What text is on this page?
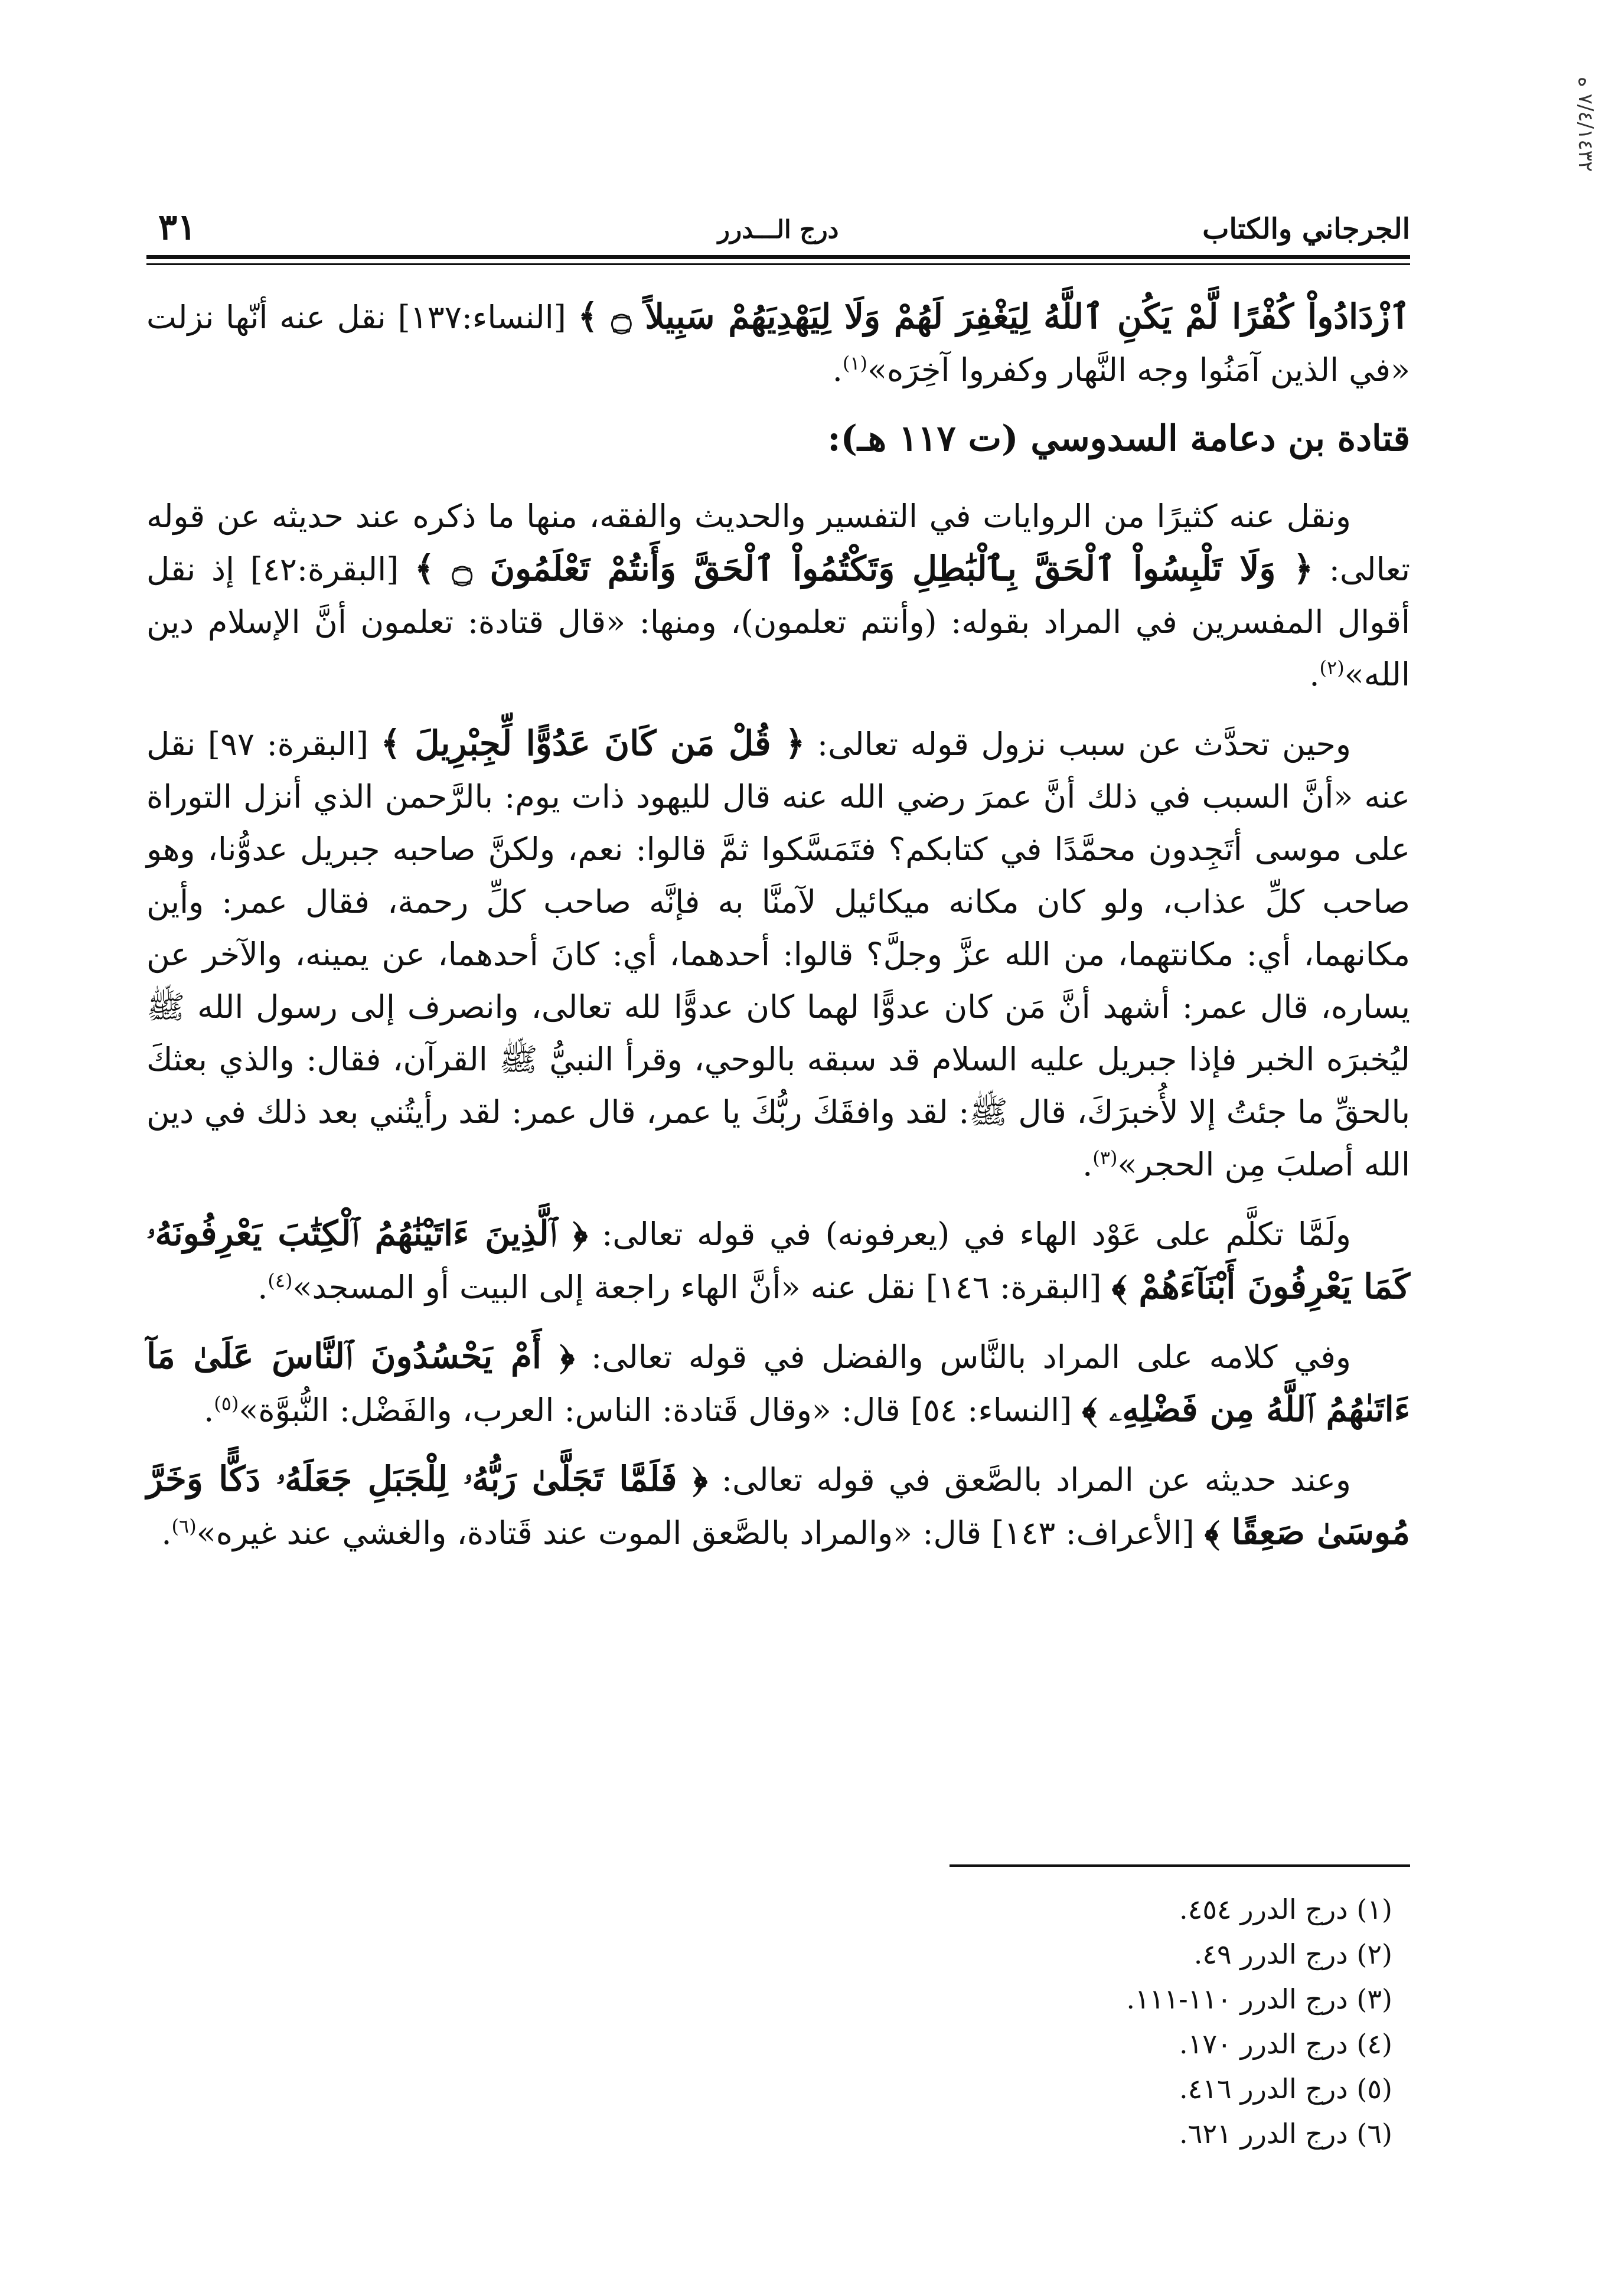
٧/٤/١٤٣٢ ه
الجرجاني والكتاب
درج الـــدرر
٣١

ٱزْدَادُواْ كُفْرًا لَّمْ يَكُنِ ٱللَّهُ لِيَغْفِرَ لَهُمْ وَلَا لِيَهْدِيَهُمْ سَبِيلاً ۝ ﴾ [النساء:١٣٧] نقل عنه أنّها نزلت «في الذين آمَنُوا وجه النَّهار وكفروا آخِرَه»$^{(١)}$.

قتادة بن دعامة السدوسي (ت ١١٧ هـ):

ونقل عنه كثيرًا من الروايات في التفسير والحديث والفقه، منها ما ذكره عند حديثه عن قوله تعالى: ﴿ وَلَا تَلْبِسُواْ ٱلْحَقَّ بِٱلْبَٰطِلِ وَتَكْتُمُواْ ٱلْحَقَّ وَأَنتُمْ تَعْلَمُونَ ۝ ﴾ [البقرة:٤٢] إذ نقل أقوال المفسرين في المراد بقوله: (وأنتم تعلمون)، ومنها: «قال قتادة: تعلمون أنَّ الإسلام دين الله»$^{(٢)}$.

وحين تحدَّث عن سبب نزول قوله تعالى: ﴿ قُلْ مَن كَانَ عَدُوًّا لِّجِبْرِيلَ ﴾ [البقرة: ٩٧] نقل عنه «أنَّ السبب في ذلك أنَّ عمرَ رضي الله عنه قال لليهود ذات يوم: بالرَّحمن الذي أنزل التوراة على موسى أتَجِدون محمَّدًا في كتابكم؟ فتَمَسَّكوا ثمَّ قالوا: نعم، ولكنَّ صاحبه جبريل عدوُّنا، وهو صاحب كلِّ عذاب، ولو كان مكانه ميكائيل لآمنَّا به فإنَّه صاحب كلِّ رحمة، فقال عمر: وأين مكانهما، أي: مكانتهما، من الله عزَّ وجلَّ؟ قالوا: أحدهما، أي: كانَ أحدهما، عن يمينه، والآخر عن يساره، قال عمر: أشهد أنَّ مَن كان عدوًّا لهما كان عدوًّا لله تعالى، وانصرف إلى رسول الله ﷺ ليُخبرَه الخبر فإذا جبريل عليه السلام قد سبقه بالوحي، وقرأ النبيُّ ﷺ القرآن، فقال: والذي بعثكَ بالحقِّ ما جئتُ إلا لأُخبرَكَ، قال ﷺ: لقد وافقَكَ ربُّكَ يا عمر، قال عمر: لقد رأيتُني بعد ذلك في دين الله أصلبَ مِن الحجر»$^{(٣)}$.

ولَمَّا تكلَّم على عَوْد الهاء في (يعرفونه) في قوله تعالى: ﴿ ٱلَّذِينَ ءَاتَيْنَٰهُمُ ٱلْكِتَٰبَ يَعْرِفُونَهُۥ كَمَا يَعْرِفُونَ أَبْنَآءَهُمْ ﴾ [البقرة: ١٤٦] نقل عنه «أنَّ الهاء راجعة إلى البيت أو المسجد»$^{(٤)}$.

وفي كلامه على المراد بالنَّاس والفضل في قوله تعالى: ﴿ أَمْ يَحْسُدُونَ ٱلنَّاسَ عَلَىٰ مَآ ءَاتَىٰهُمُ ٱللَّهُ مِن فَضْلِهِۦ ﴾ [النساء: ٥٤] قال: «وقال قَتادة: الناس: العرب، والفَضْل: النُّبوَّة»$^{(٥)}$.

وعند حديثه عن المراد بالصَّعق في قوله تعالى: ﴿ فَلَمَّا تَجَلَّىٰ رَبُّهُۥ لِلْجَبَلِ جَعَلَهُۥ دَكًّا وَخَرَّ مُوسَىٰ صَعِقًا ﴾ [الأعراف: ١٤٣] قال: «والمراد بالصَّعق الموت عند قَتادة، والغشي عند غيره»$^{(٦)}$.

(١) درج الدرر ٤٥٤.
(٢) درج الدرر ٤٩.
(٣) درج الدرر ١١٠-١١١.
(٤) درج الدرر ١٧٠.
(٥) درج الدرر ٤١٦.
(٦) درج الدرر ٦٢١.
